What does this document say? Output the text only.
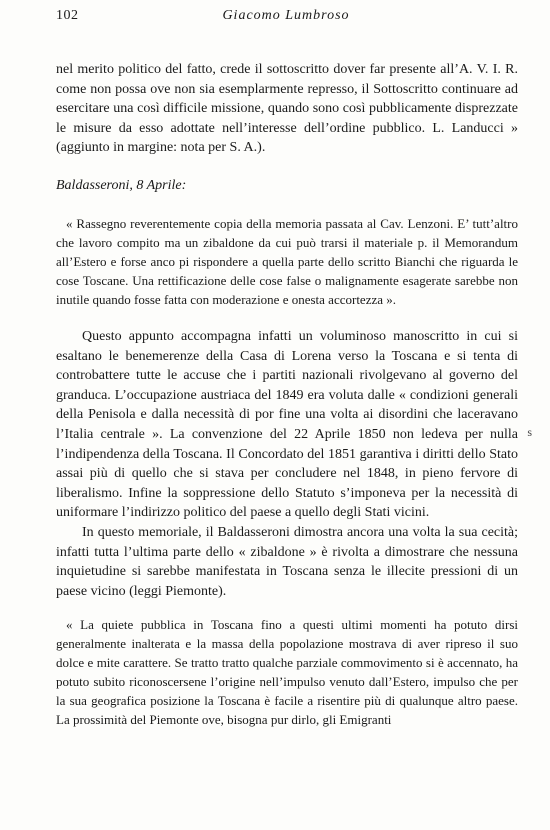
102	Giacomo Lumbroso

nel merito politico del fatto, crede il sottoscritto dover far presente all’A. V. I. R. come non possa ove non sia esemplarmente represso, il Sottoscritto continuare ad esercitare una così difficile missione, quando sono così pubblicamente disprezzate le misure da esso adottate nell’interesse dell’ordine pubblico. L. Landucci » (aggiunto in margine: nota per S. A.).

Baldasseroni, 8 Aprile:

« Rassegno reverentemente copia della memoria passata al Cav. Lenzoni. E’ tutt’altro che lavoro compito ma un zibaldone da cui può trarsi il materiale p. il Memorandum all’Estero e forse anco pi rispondere a quella parte dello scritto Bianchi che riguarda le cose Toscane. Una rettificazione delle cose false o malignamente esagerate sarebbe non inutile quando fosse fatta con moderazione e onesta accortezza ».

Questo appunto accompagna infatti un voluminoso manoscritto in cui si esaltano le benemerenze della Casa di Lorena verso la Toscana e si tenta di controbattere tutte le accuse che i partiti nazionali rivolgevano al governo del granduca. L’occupazione austriaca del 1849 era voluta dalle « condizioni generali della Penisola e dalla necessità di por fine una volta ai disordini che laceravano l’Italia centrale ». La convenzione del 22 Aprile 1850 non ledeva per nulla l’indipendenza della Toscana. Il Concordato del 1851 garantiva i diritti dello Stato assai più di quello che si stava per concludere nel 1848, in pieno fervore di liberalismo. Infine la soppressione dello Statuto s’imponeva per la necessità di uniformare l’indirizzo politico del paese a quello degli Stati vicini.

In questo memoriale, il Baldasseroni dimostra ancora una volta la sua cecità; infatti tutta l’ultima parte dello « zibaldone » è rivolta a dimostrare che nessuna inquietudine si sarebbe manifestata in Toscana senza le illecite pressioni di un paese vicino (leggi Piemonte).

« La quiete pubblica in Toscana fino a questi ultimi momenti ha potuto dirsi generalmente inalterata e la massa della popolazione mostrava di aver ripreso il suo dolce e mite carattere. Se tratto tratto qualche parziale commovimento si è accennato, ha potuto subito riconoscersene l’origine nell’impulso venuto dall’Estero, impulso che per la sua geografica posizione la Toscana è facile a risentire più di qualunque altro paese. La prossimità del Piemonte ove, bisogna pur dirlo, gli Emigranti

s
